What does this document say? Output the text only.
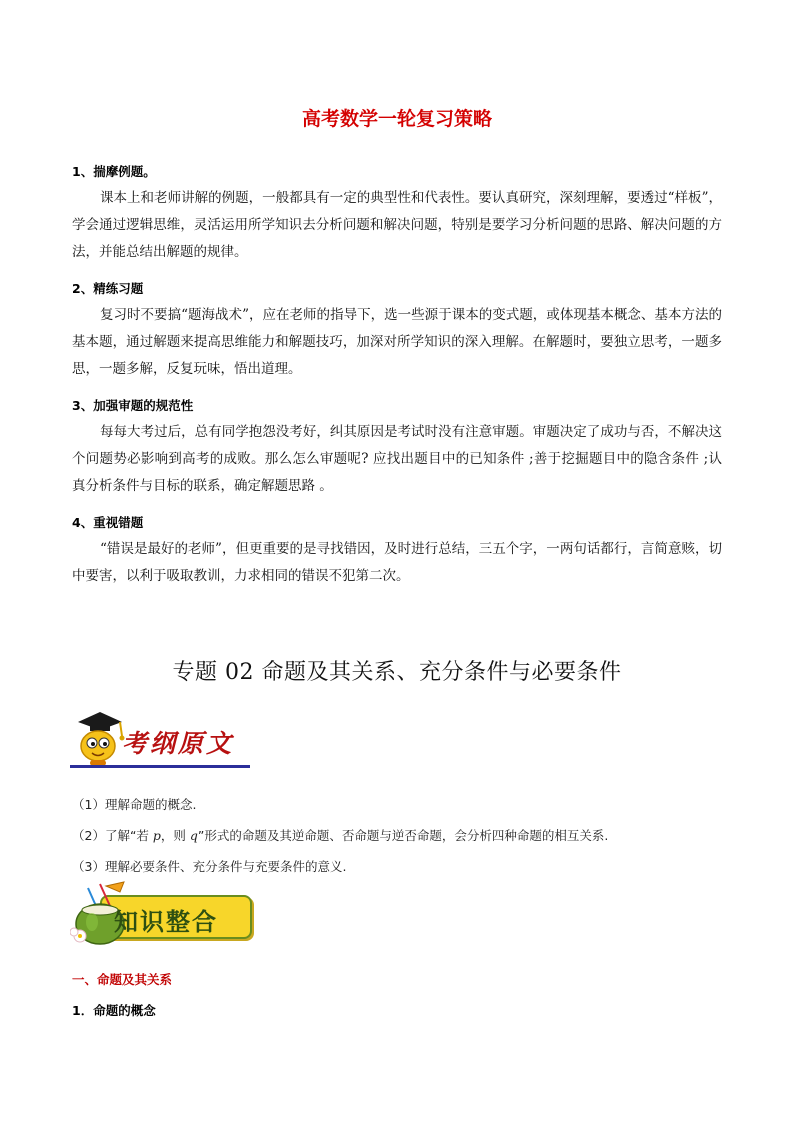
高考数学一轮复习策略
1、揣摩例题。
课本上和老师讲解的例题，一般都具有一定的典型性和代表性。要认真研究，深刻理解，要透过“样板”，学会通过逻辑思维，灵活运用所学知识去分析问题和解决问题，特别是要学习分析问题的思路、解决问题的方法，并能总结出解题的规律。
2、精练习题
复习时不要搞“题海战术”，应在老师的指导下，选一些源于课本的变式题，或体现基本概念、基本方法的基本题，通过解题来提高思维能力和解题技巧，加深对所学知识的深入理解。在解题时，要独立思考，一题多思，一题多解，反复玩味，悟出道理。
3、加强审题的规范性
每每大考过后，总有同学抱怨没考好，纠其原因是考试时没有注意审题。审题决定了成功与否，不解决这个问题势必影响到高考的成败。那么怎么审题呢? 应找出题目中的已知条件 ;善于挖掘题目中的隐含条件 ;认真分析条件与目标的联系，确定解题思路 。
4、重视错题
“错误是最好的老师”，但更重要的是寻找错因，及时进行总结，三五个字，一两句话都行，言简意赅，切中要害，以利于吸取教训，力求相同的错误不犯第二次。
专题 02 命题及其关系、充分条件与必要条件
考纲原文
（1）理解命题的概念.
（2）了解“若 p，则 q”形式的命题及其逆命题、否命题与逆否命题，会分析四种命题的相互关系.
（3）理解必要条件、充分条件与充要条件的意义.
知识整合
一、命题及其关系
1．命题的概念
